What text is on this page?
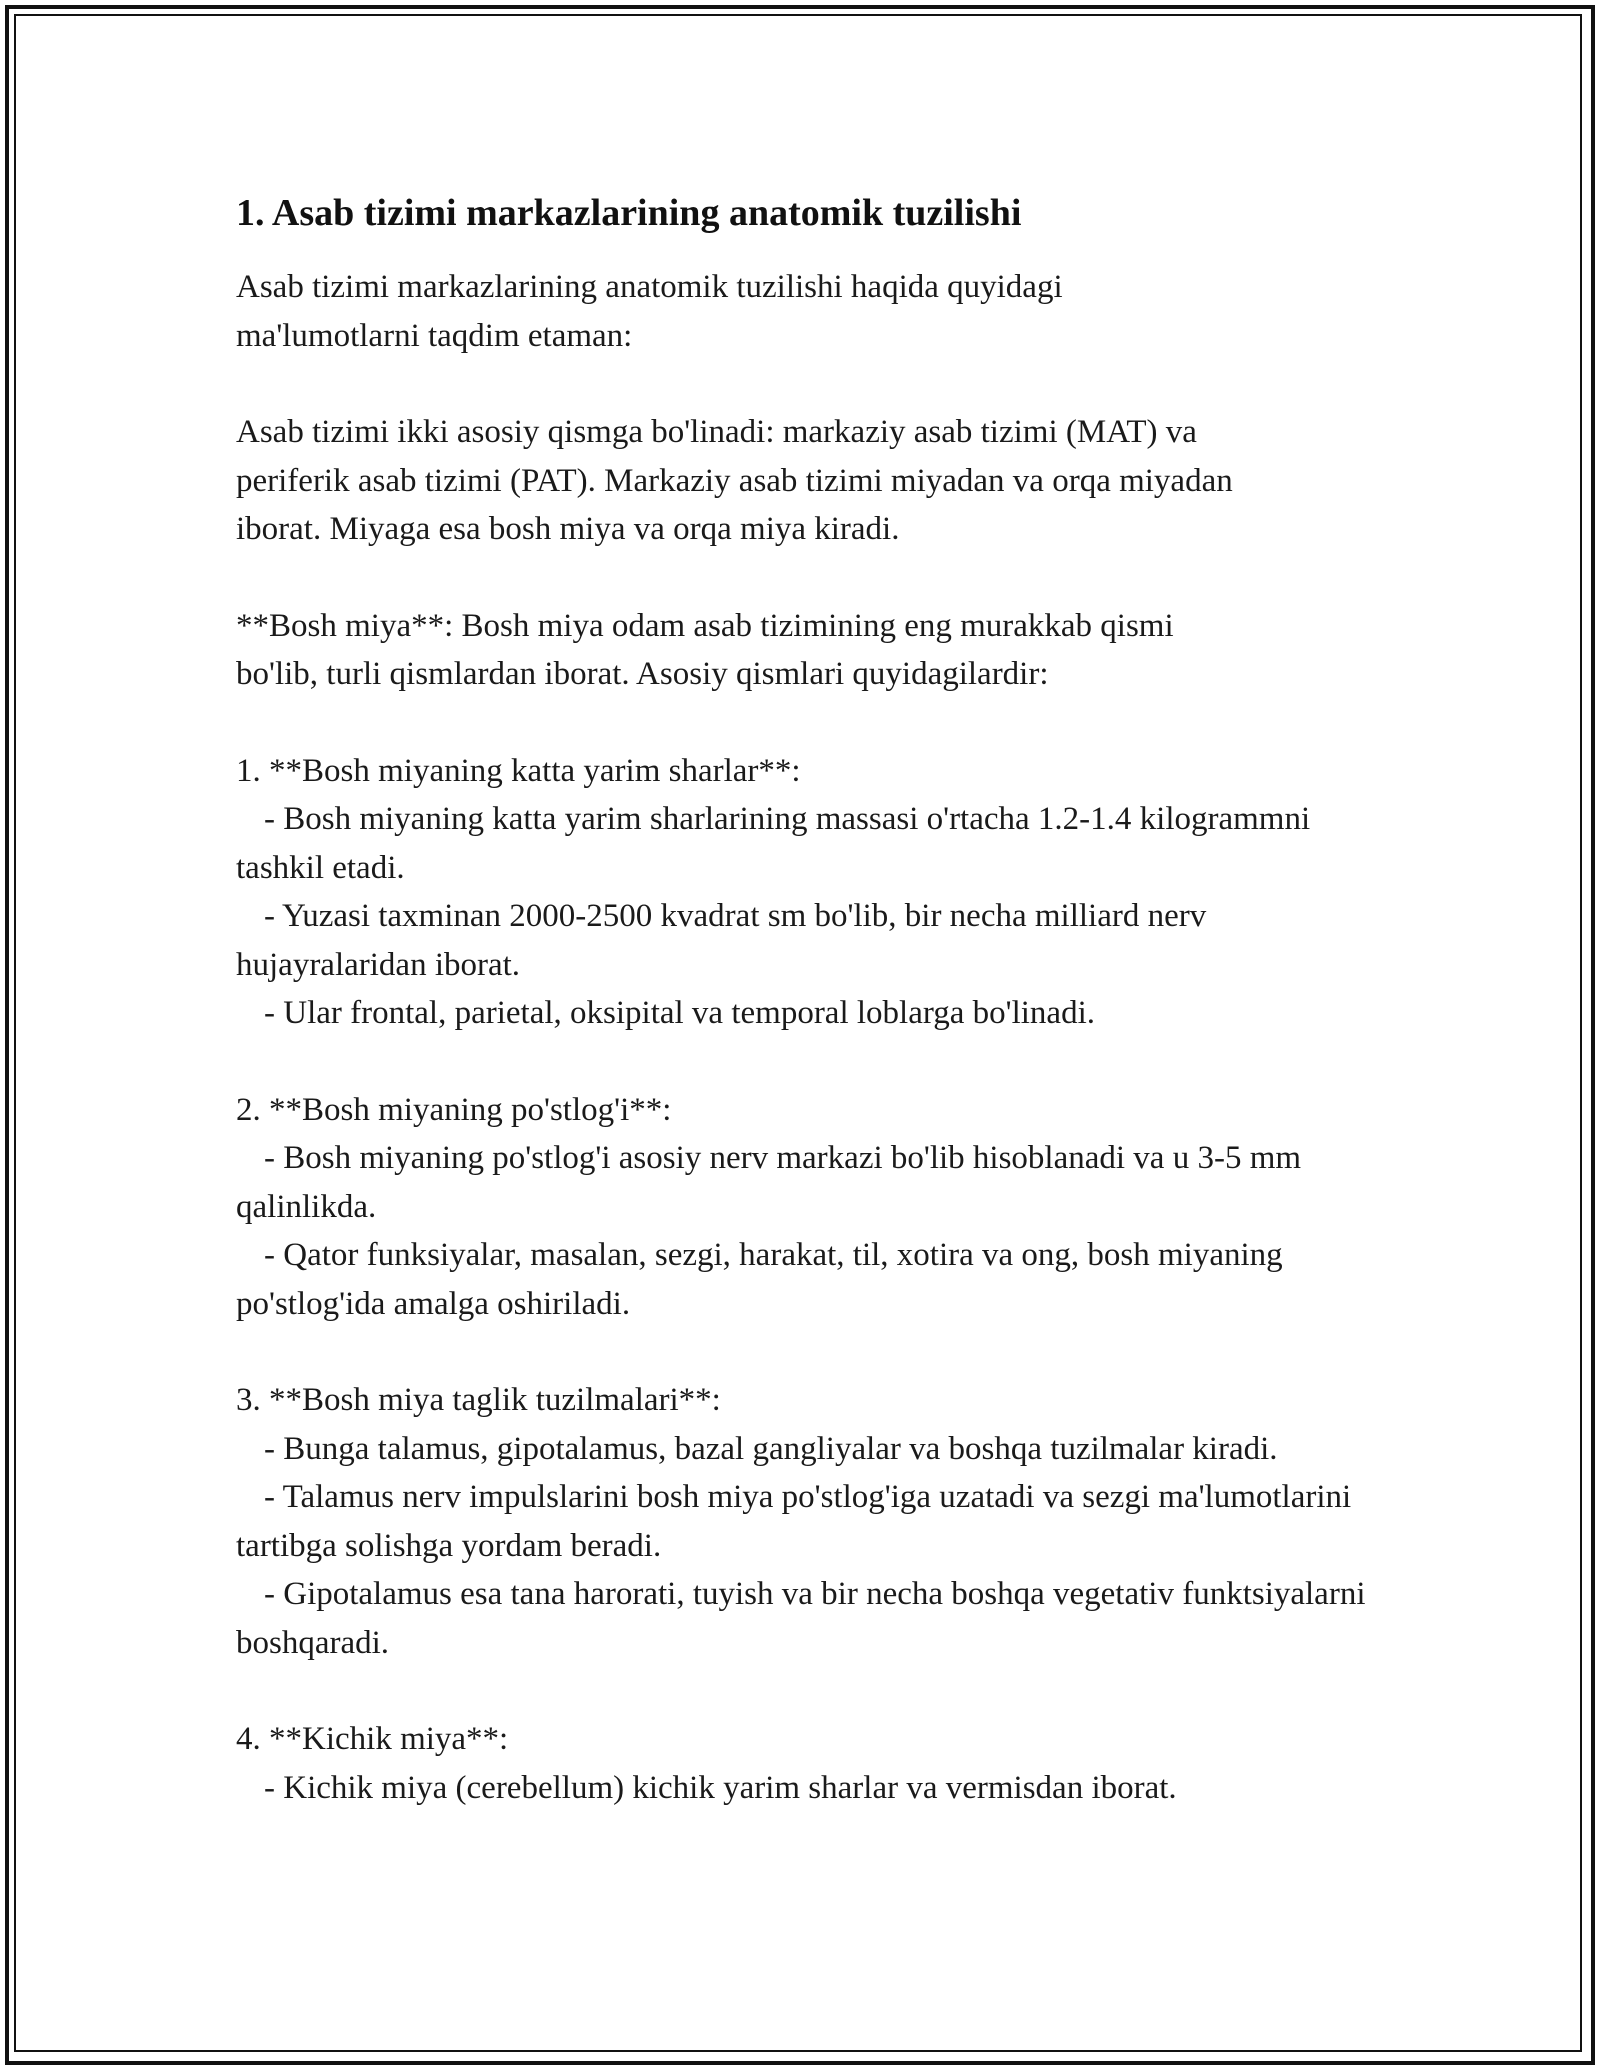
1. Asab tizimi markazlarining anatomik tuzilishi
Asab tizimi markazlarining anatomik tuzilishi haqida quyidagi
ma'lumotlarni taqdim etaman:
Asab tizimi ikki asosiy qismga bo'linadi: markaziy asab tizimi (MAT) va
periferik asab tizimi (PAT). Markaziy asab tizimi miyadan va orqa miyadan
iborat. Miyaga esa bosh miya va orqa miya kiradi.
**Bosh miya**: Bosh miya odam asab tizimining eng murakkab qismi
bo'lib, turli qismlardan iborat. Asosiy qismlari quyidagilardir:
1. **Bosh miyaning katta yarim sharlar**:
- Bosh miyaning katta yarim sharlarining massasi o'rtacha 1.2-1.4 kilogrammni tashkil etadi.
- Yuzasi taxminan 2000-2500 kvadrat sm bo'lib, bir necha milliard nerv hujayralaridan iborat.
- Ular frontal, parietal, oksipital va temporal loblarga bo'linadi.
2. **Bosh miyaning po'stlog'i**:
- Bosh miyaning po'stlog'i asosiy nerv markazi bo'lib hisoblanadi va u 3-5 mm qalinlikda.
- Qator funksiyalar, masalan, sezgi, harakat, til, xotira va ong, bosh miyaning po'stlog'ida amalga oshiriladi.
3. **Bosh miya taglik tuzilmalari**:
- Bunga talamus, gipotalamus, bazal gangliyalar va boshqa tuzilmalar kiradi.
- Talamus nerv impulslarini bosh miya po'stlog'iga uzatadi va sezgi ma'lumotlarini tartibga solishga yordam beradi.
- Gipotalamus esa tana harorati, tuyish va bir necha boshqa vegetativ funktsiyalarni boshqaradi.
4. **Kichik miya**:
- Kichik miya (cerebellum) kichik yarim sharlar va vermisdan iborat.
